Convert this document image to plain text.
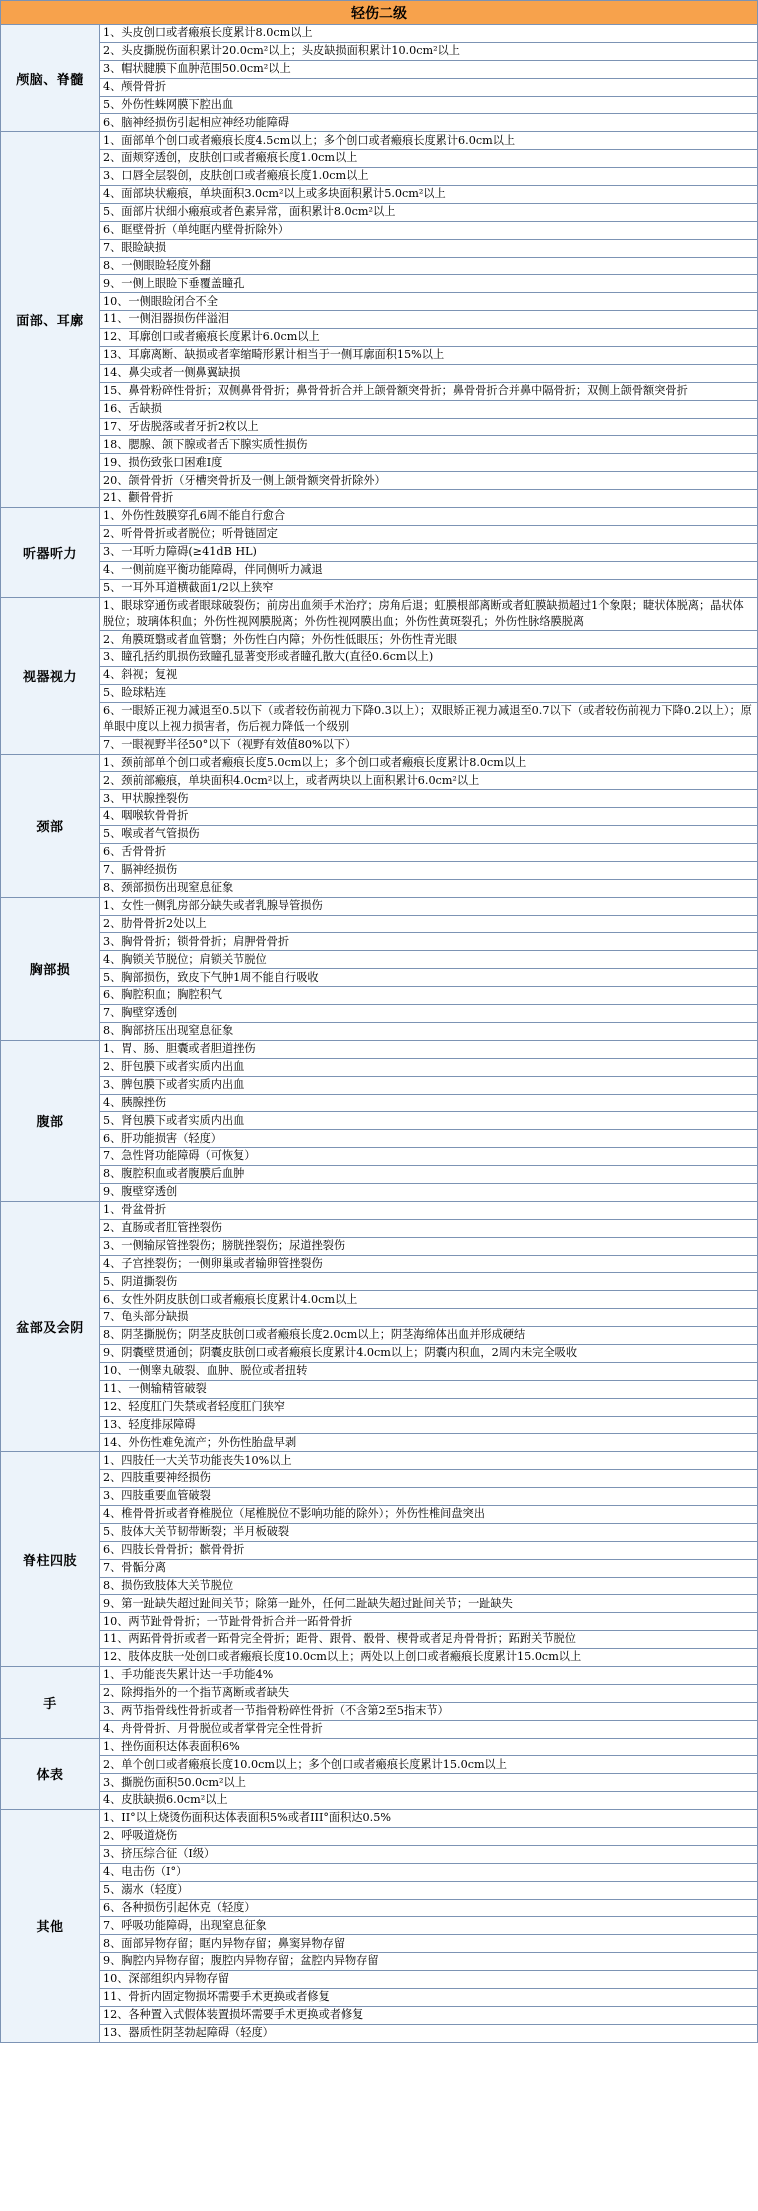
轻伤二级	
颅脑、脊髓	1、头皮创口或者瘢痕长度累计8.0cm以上
	2、头皮撕脱伤面积累计20.0cm²以上；头皮缺损面积累计10.0cm²以上
	3、帽状腱膜下血肿范围50.0cm²以上
	4、颅骨骨折
	5、外伤性蛛网膜下腔出血
	6、脑神经损伤引起相应神经功能障碍
面部、耳廓	1、面部单个创口或者瘢痕长度4.5cm以上；多个创口或者瘢痕长度累计6.0cm以上
	2、面颊穿透创，皮肤创口或者瘢痕长度1.0cm以上
	3、口唇全层裂创，皮肤创口或者瘢痕长度1.0cm以上
	4、面部块状瘢痕，单块面积3.0cm²以上或多块面积累计5.0cm²以上
	5、面部片状细小瘢痕或者色素异常，面积累计8.0cm²以上
	6、眶壁骨折（单纯眶内壁骨折除外）
	7、眼睑缺损
	8、一侧眼睑轻度外翻
	9、一侧上眼睑下垂覆盖瞳孔
	10、一侧眼睑闭合不全
	11、一侧泪器损伤伴溢泪
	12、耳廓创口或者瘢痕长度累计6.0cm以上
	13、耳廓离断、缺损或者挛缩畸形累计相当于一侧耳廓面积15%以上
	14、鼻尖或者一侧鼻翼缺损
	15、鼻骨粉碎性骨折；双侧鼻骨骨折；鼻骨骨折合并上颌骨额突骨折；鼻骨骨折合并鼻中隔骨折；双侧上颌骨额突骨折
	16、舌缺损
	17、牙齿脱落或者牙折2枚以上
	18、腮腺、颌下腺或者舌下腺实质性损伤
	19、损伤致张口困难Ⅰ度
	20、颌骨骨折（牙槽突骨折及一侧上颌骨额突骨折除外）
	21、颧骨骨折
听器听力	1、外伤性鼓膜穿孔6周不能自行愈合
	2、听骨骨折或者脱位；听骨链固定
	3、一耳听力障碍(≥41dB HL)
	4、一侧前庭平衡功能障碍，伴同侧听力减退
	5、一耳外耳道横截面1/2以上狭窄
视器视力	1、眼球穿通伤或者眼球破裂伤；前房出血须手术治疗；房角后退；虹膜根部离断或者虹膜缺损超过1个象限；睫状体脱离；晶状体脱位；玻璃体积血；外伤性视网膜脱离；外伤性视网膜出血；外伤性黄斑裂孔；外伤性脉络膜脱离
	2、角膜斑翳或者血管翳；外伤性白内障；外伤性低眼压；外伤性青光眼
	3、瞳孔括约肌损伤致瞳孔显著变形或者瞳孔散大(直径0.6cm以上)
	4、斜视；复视
	5、睑球粘连
	6、一眼矫正视力减退至0.5以下（或者较伤前视力下降0.3以上）；双眼矫正视力减退至0.7以下（或者较伤前视力下降0.2以上）；原单眼中度以上视力损害者，伤后视力降低一个级别
	7、一眼视野半径50°以下（视野有效值80%以下）
颈部	1、颈前部单个创口或者瘢痕长度5.0cm以上；多个创口或者瘢痕长度累计8.0cm以上
	2、颈前部瘢痕，单块面积4.0cm²以上，或者两块以上面积累计6.0cm²以上
	3、甲状腺挫裂伤
	4、咽喉软骨骨折
	5、喉或者气管损伤
	6、舌骨骨折
	7、膈神经损伤
	8、颈部损伤出现窒息征象
胸部损	1、女性一侧乳房部分缺失或者乳腺导管损伤
	2、肋骨骨折2处以上
	3、胸骨骨折；锁骨骨折；肩胛骨骨折
	4、胸锁关节脱位；肩锁关节脱位
	5、胸部损伤，致皮下气肿1周不能自行吸收
	6、胸腔积血；胸腔积气
	7、胸壁穿透创
	8、胸部挤压出现窒息征象
腹部	1、胃、肠、胆囊或者胆道挫伤
	2、肝包膜下或者实质内出血
	3、脾包膜下或者实质内出血
	4、胰腺挫伤
	5、肾包膜下或者实质内出血
	6、肝功能损害（轻度）
	7、急性肾功能障碍（可恢复）
	8、腹腔积血或者腹膜后血肿
	9、腹壁穿透创
盆部及会阴	1、骨盆骨折
	2、直肠或者肛管挫裂伤
	3、一侧输尿管挫裂伤；膀胱挫裂伤；尿道挫裂伤
	4、子宫挫裂伤；一侧卵巢或者输卵管挫裂伤
	5、阴道撕裂伤
	6、女性外阴皮肤创口或者瘢痕长度累计4.0cm以上
	7、龟头部分缺损
	8、阴茎撕脱伤；阴茎皮肤创口或者瘢痕长度2.0cm以上；阴茎海绵体出血并形成硬结
	9、阴囊壁贯通创；阴囊皮肤创口或者瘢痕长度累计4.0cm以上；阴囊内积血，2周内未完全吸收
	10、一侧睾丸破裂、血肿、脱位或者扭转
	11、一侧输精管破裂
	12、轻度肛门失禁或者轻度肛门狭窄
	13、轻度排尿障碍
	14、外伤性难免流产；外伤性胎盘早剥
脊柱四肢	1、四肢任一大关节功能丧失10%以上
	2、四肢重要神经损伤
	3、四肢重要血管破裂
	4、椎骨骨折或者脊椎脱位（尾椎脱位不影响功能的除外）；外伤性椎间盘突出
	5、肢体大关节韧带断裂；半月板破裂
	6、四肢长骨骨折；髌骨骨折
	7、骨骺分离
	8、损伤致肢体大关节脱位
	9、第一趾缺失超过趾间关节；除第一趾外，任何二趾缺失超过趾间关节；一趾缺失
	10、两节趾骨骨折；一节趾骨骨折合并一跖骨骨折
	11、两跖骨骨折或者一跖骨完全骨折；距骨、跟骨、骰骨、楔骨或者足舟骨骨折；跖跗关节脱位
	12、肢体皮肤一处创口或者瘢痕长度10.0cm以上；两处以上创口或者瘢痕长度累计15.0cm以上
手	1、手功能丧失累计达一手功能4%
	2、除拇指外的一个指节离断或者缺失
	3、两节指骨线性骨折或者一节指骨粉碎性骨折（不含第2至5指末节）
	4、舟骨骨折、月骨脱位或者掌骨完全性骨折
体表	1、挫伤面积达体表面积6%
	2、单个创口或者瘢痕长度10.0cm以上；多个创口或者瘢痕长度累计15.0cm以上
	3、撕脱伤面积50.0cm²以上
	4、皮肤缺损6.0cm²以上
其他	1、II°以上烧烫伤面积达体表面积5%或者III°面积达0.5%
	2、呼吸道烧伤
	3、挤压综合征（Ⅰ级）
	4、电击伤（Ⅰ°）
	5、溺水（轻度）
	6、各种损伤引起休克（轻度）
	7、呼吸功能障碍，出现窒息征象
	8、面部异物存留；眶内异物存留；鼻窦异物存留
	9、胸腔内异物存留；腹腔内异物存留；盆腔内异物存留
	10、深部组织内异物存留
	11、骨折内固定物损坏需要手术更换或者修复
	12、各种置入式假体装置损坏需要手术更换或者修复
	13、器质性阴茎勃起障碍（轻度）
